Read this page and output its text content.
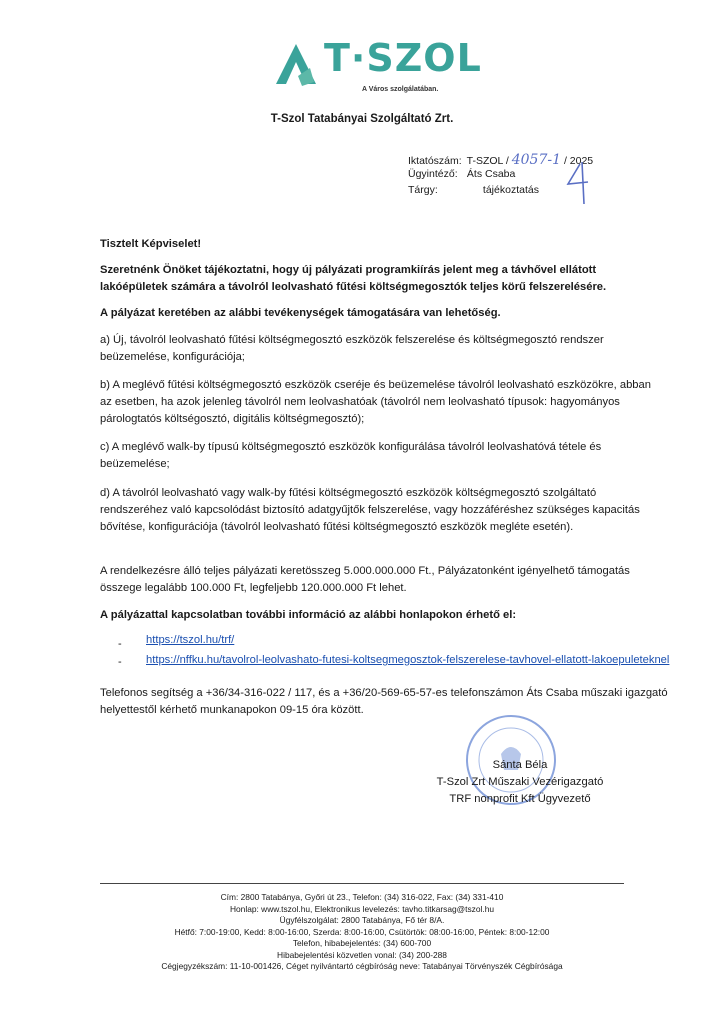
T·SZOL
A Város szolgálatában.
T-Szol Tatabányai Szolgáltató Zrt.
Iktatószám: T-SZOL / 4057-1 / 2025
Ügyintéző: Áts Csaba
Tárgy:	tájékoztatás
Tisztelt Képviselet!
Szeretnénk Önöket tájékoztatni, hogy új pályázati programkiírás jelent meg a távhővel ellátott lakóépületek számára a távolról leolvasható fűtési költségmegosztók teljes körű felszerelésére.
A pályázat keretében az alábbi tevékenységek támogatására van lehetőség.
a) Új, távolról leolvasható fűtési költségmegosztó eszközök felszerelése és költségmegosztó rendszer beüzemelése, konfigurációja;
b) A meglévő fűtési költségmegosztó eszközök cseréje és beüzemelése távolról leolvasható eszközökre, abban az esetben, ha azok jelenleg távolról nem leolvashatóak (távolról nem leolvasható típusok: hagyományos párologtatós költségosztó, digitális költségmegosztó);
c) A meglévő walk-by típusú költségmegosztó eszközök konfigurálása távolról leolvashatóvá tétele és beüzemelése;
d) A távolról leolvasható vagy walk-by fűtési költségmegosztó eszközök költségmegosztó szolgáltató rendszeréhez való kapcsolódást biztosító adatgyűjtők felszerelése, vagy hozzáféréshez szükséges kapacitás bővítése, konfigurációja (távolról leolvasható fűtési költségmegosztó eszközök megléte esetén).
A rendelkezésre álló teljes pályázati keretösszeg 5.000.000.000 Ft., Pályázatonként igényelhető támogatás összege legalább 100.000 Ft, legfeljebb 120.000.000 Ft lehet.
A pályázattal kapcsolatban további információ az alábbi honlapokon érhető el:
- https://tszol.hu/trf/
- https://nffku.hu/tavolrol-leolvashato-futesi-koltsegmegosztok-felszerelese-tavhovel-ellatott-lakoepuleteknel
Telefonos segítség a +36/34-316-022 / 117, és a +36/20-569-65-57-es telefonszámon Áts Csaba műszaki igazgató helyettestől kérhető munkanapokon 09-15 óra között.
Sánta Béla
T-Szol Zrt Műszaki Vezérigazgató
TRF nonprofit Kft Ügyvezető
Cím: 2800 Tatabánya, Győri út 23., Telefon: (34) 316-022, Fax: (34) 331-410
Honlap: www.tszol.hu, Elektronikus levelezés: tavho.titkarsag@tszol.hu
Ügyfélszolgálat: 2800 Tatabánya, Fő tér 8/A.
Hétfő: 7:00-19:00, Kedd: 8:00-16:00, Szerda: 8:00-16:00, Csütörtök: 08:00-16:00, Péntek: 8:00-12:00
Telefon, hibabejelentés: (34) 600-700
Hibabejelentési közvetlen vonal: (34) 200-288
Cégjegyzékszám: 11-10-001426, Céget nyilvántartó cégbíróság neve: Tatabányai Törvényszék Cégbírósága
